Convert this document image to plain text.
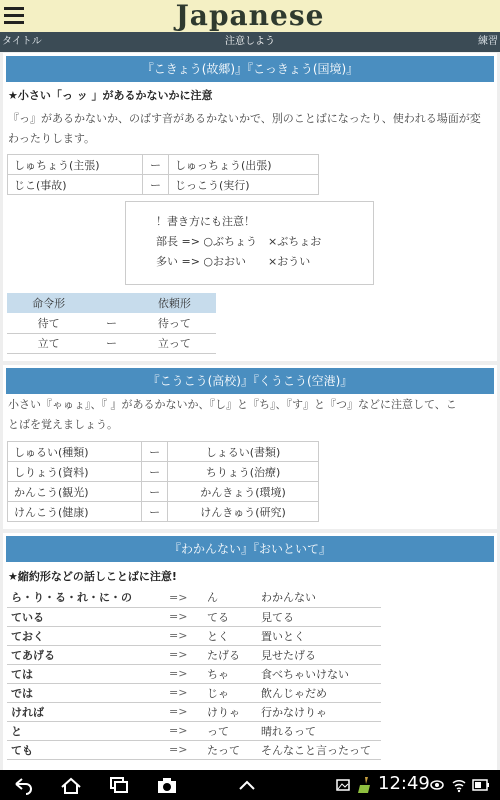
Japanese
タイトル	注意しよう	練習
『こきょう(故郷)』『こっきょう(国境)』
★小さい「っ ッ 」があるかないかに注意
『っ』があるかないか、のばす音があるかないかで、別のことばになったり、使われる場面が変
わったりします。
しゅちょう(主張)	ー	しゅっちょう(出張)
じこ(事故)	ー	じっこう(実行)
！書き方にも注意！
部長 => ○ぶちょう　×ぶちょお
多い => ○おおい　　×おうい
命令形		依頼形
待て	ー	待って
立て	ー	立って
『こうこう(高校)』『くうこう(空港)』
小さい『ゃゅょ』、『 』があるかないか、『し』と『ち』、『す』と『つ』などに注意して、こ
とばを覚えましょう。
しゅるい(種類)	ー	しょるい(書類)
しりょう(資料)	ー	ちりょう(治療)
かんこう(観光)	ー	かんきょう(環境)
けんこう(健康)	ー	けんきゅう(研究)
『わかんない』『おいといて』
★縮約形などの話しことばに注意!
ら・り・る・れ・に・の	=>	ん	わかんない
ている	=>	てる	見てる
ておく	=>	とく	置いとく
てあげる	=>	たげる	見せたげる
ては	=>	ちゃ	食べちゃいけない
では	=>	じゃ	飲んじゃだめ
ければ	=>	けりゃ	行かなけりゃ
と	=>	って	晴れるって
ても	=>	たって	そんなこと言ったって
12:49
